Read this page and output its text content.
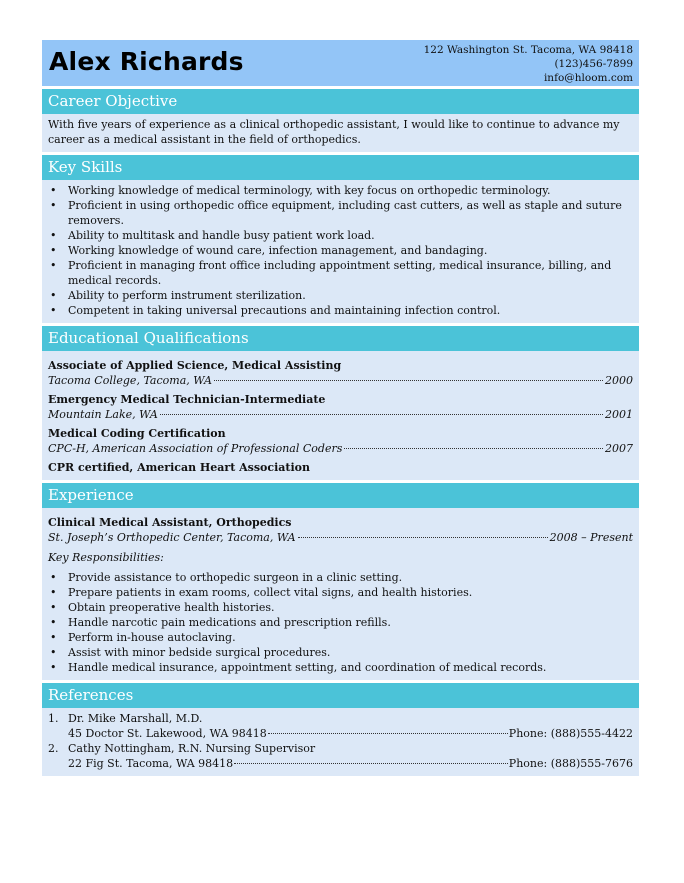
Alex Richards	122 Washington St. Tacoma, WA 98418
(123)456-7899
info@hloom.com
Career Objective
With five years of experience as a clinical orthopedic assistant, I would like to continue to advance my career as a medical assistant in the field of orthopedics.
Key Skills
• Working knowledge of medical terminology, with key focus on orthopedic terminology.
• Proficient in using orthopedic office equipment, including cast cutters, as well as staple and suture removers.
• Ability to multitask and handle busy patient work load.
• Working knowledge of wound care, infection management, and bandaging.
• Proficient in managing front office including appointment setting, medical insurance, billing, and medical records.
• Ability to perform instrument sterilization.
• Competent in taking universal precautions and maintaining infection control.
Educational Qualifications
Associate of Applied Science, Medical Assisting
Tacoma College, Tacoma, WA	2000
Emergency Medical Technician-Intermediate
Mountain Lake, WA	2001
Medical Coding Certification
CPC-H, American Association of Professional Coders	2007
CPR certified, American Heart Association
Experience
Clinical Medical Assistant, Orthopedics
St. Joseph’s Orthopedic Center, Tacoma, WA	2008 – Present
Key Responsibilities:
• Provide assistance to orthopedic surgeon in a clinic setting.
• Prepare patients in exam rooms, collect vital signs, and health histories.
• Obtain preoperative health histories.
• Handle narcotic pain medications and prescription refills.
• Perform in-house autoclaving.
• Assist with minor bedside surgical procedures.
• Handle medical insurance, appointment setting, and coordination of medical records.
References
1. Dr. Mike Marshall, M.D.
45 Doctor St. Lakewood, WA 98418	Phone: (888)555-4422
2. Cathy Nottingham, R.N. Nursing Supervisor
22 Fig St. Tacoma, WA 98418	Phone: (888)555-7676
